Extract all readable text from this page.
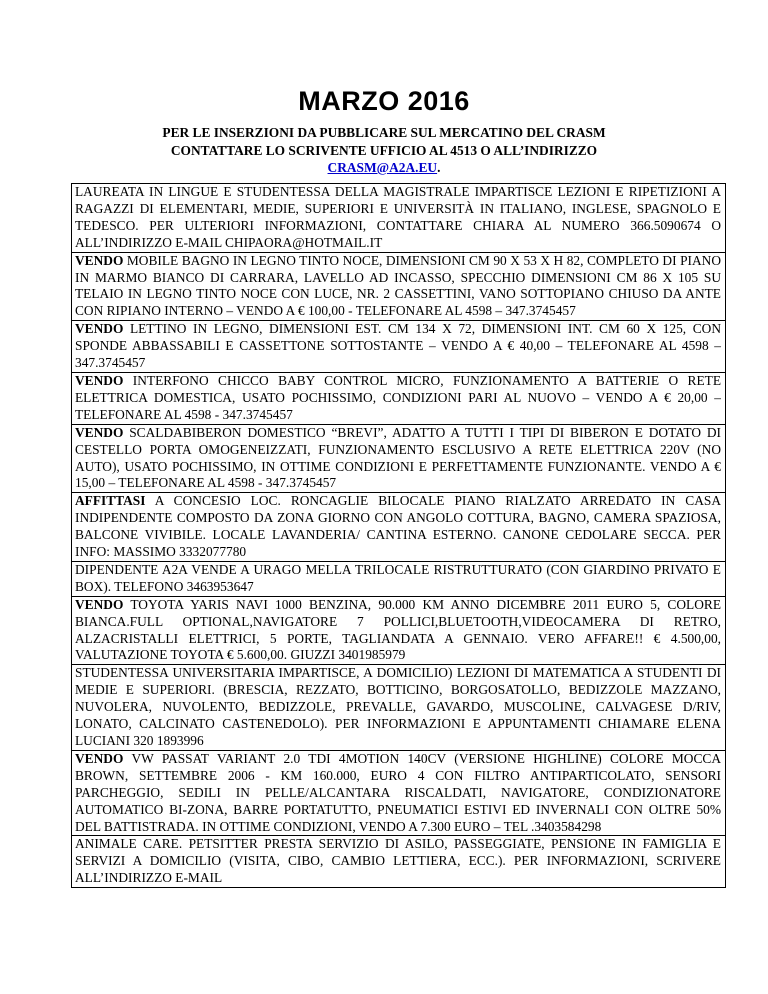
MARZO 2016
PER LE INSERZIONI DA PUBBLICARE SUL MERCATINO DEL CRASM
CONTATTARE LO SCRIVENTE UFFICIO AL 4513 O ALL’INDIRIZZO
CRASM@A2A.EU.
LAUREATA IN LINGUE E STUDENTESSA DELLA MAGISTRALE IMPARTISCE LEZIONI E RIPETIZIONI A RAGAZZI DI ELEMENTARI, MEDIE, SUPERIORI E UNIVERSITÀ IN ITALIANO, INGLESE, SPAGNOLO E TEDESCO. PER ULTERIORI INFORMAZIONI, CONTATTARE CHIARA AL NUMERO 366.5090674 O ALL’INDIRIZZO E-MAIL CHIPAORA@HOTMAIL.IT
VENDO MOBILE BAGNO IN LEGNO TINTO NOCE, DIMENSIONI CM 90 X 53 X H 82, COMPLETO DI PIANO IN MARMO BIANCO DI CARRARA, LAVELLO AD INCASSO, SPECCHIO DIMENSIONI CM 86 X 105 SU TELAIO IN LEGNO TINTO NOCE CON LUCE, NR. 2 CASSETTINI, VANO SOTTOPIANO CHIUSO DA ANTE CON RIPIANO INTERNO – VENDO A € 100,00 - TELEFONARE AL 4598 – 347.3745457
VENDO LETTINO IN LEGNO, DIMENSIONI EST. CM 134 X 72, DIMENSIONI INT. CM 60 X 125, CON SPONDE ABBASSABILI E CASSETTONE SOTTOSTANTE – VENDO A € 40,00 – TELEFONARE AL 4598 – 347.3745457
VENDO INTERFONO CHICCO BABY CONTROL MICRO, FUNZIONAMENTO A BATTERIE O RETE ELETTRICA DOMESTICA, USATO POCHISSIMO, CONDIZIONI PARI AL NUOVO – VENDO A € 20,00 – TELEFONARE AL 4598 - 347.3745457
VENDO SCALDABIBERON DOMESTICO “BREVI”, ADATTO A TUTTI I TIPI DI BIBERON E DOTATO DI CESTELLO PORTA OMOGENEIZZATI, FUNZIONAMENTO ESCLUSIVO A RETE ELETTRICA 220V (NO AUTO), USATO POCHISSIMO, IN OTTIME CONDIZIONI E PERFETTAMENTE FUNZIONANTE. VENDO A € 15,00 – TELEFONARE AL 4598 - 347.3745457
AFFITTASI A CONCESIO LOC. RONCAGLIE BILOCALE PIANO RIALZATO ARREDATO IN CASA INDIPENDENTE COMPOSTO DA ZONA GIORNO CON ANGOLO COTTURA, BAGNO, CAMERA SPAZIOSA, BALCONE VIVIBILE. LOCALE LAVANDERIA/ CANTINA ESTERNO. CANONE CEDOLARE SECCA. PER INFO: MASSIMO 3332077780
DIPENDENTE A2A VENDE A URAGO MELLA TRILOCALE RISTRUTTURATO (CON GIARDINO PRIVATO E BOX). TELEFONO 3463953647
VENDO TOYOTA YARIS NAVI 1000 BENZINA, 90.000 KM ANNO DICEMBRE 2011 EURO 5, COLORE BIANCA.FULL OPTIONAL,NAVIGATORE 7 POLLICI,BLUETOOTH,VIDEOCAMERA DI RETRO, ALZACRISTALLI ELETTRICI, 5 PORTE, TAGLIANDATA A GENNAIO. VERO AFFARE!! € 4.500,00, VALUTAZIONE TOYOTA € 5.600,00. GIUZZI 3401985979
STUDENTESSA UNIVERSITARIA IMPARTISCE, A DOMICILIO) LEZIONI DI MATEMATICA A STUDENTI DI MEDIE E SUPERIORI. (BRESCIA, REZZATO, BOTTICINO, BORGOSATOLLO, BEDIZZOLE MAZZANO, NUVOLERA, NUVOLENTO, BEDIZZOLE, PREVALLE, GAVARDO, MUSCOLINE, CALVAGESE D/RIV, LONATO, CALCINATO CASTENEDOLO). PER INFORMAZIONI E APPUNTAMENTI CHIAMARE ELENA LUCIANI 320 1893996
VENDO VW PASSAT VARIANT 2.0 TDI 4MOTION 140CV (VERSIONE HIGHLINE) COLORE MOCCA BROWN, SETTEMBRE 2006 - KM 160.000, EURO 4 CON FILTRO ANTIPARTICOLATO, SENSORI PARCHEGGIO, SEDILI IN PELLE/ALCANTARA RISCALDATI, NAVIGATORE, CONDIZIONATORE AUTOMATICO BI-ZONA, BARRE PORTATUTTO, PNEUMATICI ESTIVI ED INVERNALI CON OLTRE 50% DEL BATTISTRADA. IN OTTIME CONDIZIONI, VENDO A 7.300 EURO – TEL .3403584298
ANIMALE CARE. PETSITTER PRESTA SERVIZIO DI ASILO, PASSEGGIATE, PENSIONE IN FAMIGLIA E SERVIZI A DOMICILIO (VISITA, CIBO, CAMBIO LETTIERA, ECC.). PER INFORMAZIONI, SCRIVERE ALL’INDIRIZZO E-MAIL
